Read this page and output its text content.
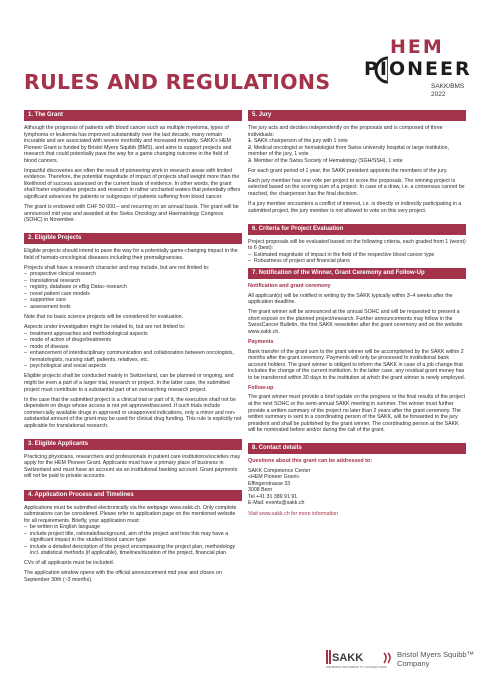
HEM
PIONEER
SAKK/BMS
2022
RULES AND REGULATIONS
1. The Grant

Although the prognosis of patients with blood cancer such as multiple myeloma, types of lymphoma or leukemia has improved substantially over the last decade, many remain incurable and are associated with severe morbidity and increased mortality. SAKK's HEM Pioneer Grant is funded by Bristol Myers Squibb (BMS), and aims to support projects and research that could potentially pave the way for a game changing outcome in the field of blood cancers.

Impactful discoveries are often the result of pioneering work in research areas with limited evidence. Therefore, the potential magnitude of impact of projects shall weight more than the likelihood of success assessed on the current basis of evidence. In other words, the grant shall foster explorative projects and research in rather uncharted waters that potentially offers significant advances for patients or subgroups of patients suffering from blood cancer.

The grant is endowed with CHF 50 000.– and recurring on an annual basis. The grant will be announced mid year and awarded at the Swiss Oncology and Haematology Congress (SOHC) in November.

2. Eligible Projects

Eligible projects should intend to pave the way for a potentially game-changing impact in the field of hemato-oncological diseases including their premalignancies.

Projects shall have a research character and may include, but are not limited to:

– prospective clinical research
– translational research
– registry, database or eBig Data» research
– novel patient care models
– supportive care
– assessment tools

Note that no basic science projects will be considered for evaluation.

Aspects under investigation might be related to, but are not limited to:

– treatment approaches and methodological aspects
– mode of action of drugs/treatments
– mode of disease
– enhancement of interdisciplinary communication and collaboration between oncologists, hematologists, nursing staff, patients, relatives, etc.
– psychological and social aspects

Eligible projects shall be conducted mainly in Switzerland, can be planned or ongoing, and might be even a part of a larger trial, research or project. In the latter case, the submitted project must contribute to a substantial part of an overarching research project.

In the case that the submitted project is a clinical trial or part of it, the execution shall not be dependent on drugs whose access is not yet approved/secured. If such trials include commercially available drugs in approved or unapproved indications, only a minor and non-substantial amount of the grant may be used for clinical drug funding. This rule is explicitly not applicable for translational research.

3. Eligible Applicants

Practicing physicians, researchers and professionals in patient care institutions/societies may apply for the HEM Pioneer Grant. Applicants must have a primary place of business in Switzerland and must have an account via an institutional banking account. Grant payments will not be paid to private accounts.

4. Application Process and Timelines

Applications must be submitted electronically via the webpage www.sakk.ch. Only complete submissions can be considered. Please refer to application page on the mentioned website for all requirements. Briefly, your application must:

– be written in English language
– include project title, rationale/background, aim of the project and how this may have a significant impact in the studied blood cancer type
– include a detailed description of the project encompassing the project plan, methodology incl. statistical methods (if applicable), timelines/duration of the project, financial plan.

CVs of all applicants must be included.

The application window opens with the official announcement mid year and closes on September 30th (~3 months).

5. Jury

The jury acts and decides independently on the proposals and is composed of three individuals:

– 1. SAKK chairperson of the jury with 1 vote
– 2. Medical oncologist or hematologist from Swiss university hospital or large institution, member of the jury, 1 vote
– 3. Member of the Swiss Society of Hematology (SGH/SSH), 1 vote

For each grant period of 1 year, the SAKK president appoints the members of the jury.

Each jury member has one vote per project to score the proposals. The winning project is selected based on the scoring sum of a project. In case of a draw, i.e. a consensus cannot be reached, the chairperson has the final decision.

If a jury member encounters a conflict of interest, i.e. is directly or indirectly participating in a submitted project, the jury member is not allowed to vote on this very project.

6. Criteria for Project Evaluation

Project proposals will be evaluated based on the following criteria, each graded from 1 (worst) to 6 (best):

– Estimated magnitude of impact in the field of the respective blood cancer type
– Robustness of project and financial plans
7. Notification of the Winner, Grant Ceremony and Follow-Up
Notification and grant ceremony

All applicant(s) will be notified in writing by the SAKK typically within 3–4 weeks after the application deadline.

The grant winner will be announced at the annual SOHC and will be requested to present a short exposé on the planned project/research. Further announcements may follow in the SwissCancer Bulletin, the first SAKK newsletter after the grant ceremony and on the website www.sakk.ch.

Payments

Bank transfer of the grant sum to the grant winner will be accomplished by the SAKK within 2 months after the grant ceremony. Payments will only be processed to institutional bank account holders. The grant winner is obliged to inform the SAKK in case of a job change that includes the change of the current institution. In the latter case, any residual grant money has to be transferred within 30 days to the institution at which the grant winner is newly employed.

Follow-up

The grant winner must provide a brief update on the progress or the final results of the project at the next SOHC or the semi-annual SAKK meeting in summer. The winner must further provide a written summary of the project no later than 2 years after the grant ceremony. The written summary is sent to a coordinating person of the SAKK, will be forwarded to the jury president and shall be published by the grant winner. The coordinating person at the SAKK will be nominated before and/or during the call of the grant.

8. Contact details
Questions about this grant can be addressed to:
SAKK Competence Center
«HEM Pioneer Grant»
Effingerstrasse 33
3008 Bern
Tel +41 31 389 91 91
E-Mail: events@sakk.ch
Visit www.sakk.ch for more information
SAKK
WE BRING PROGRESS TO CANCER CARE
Bristol Myers Squibb™
Company
